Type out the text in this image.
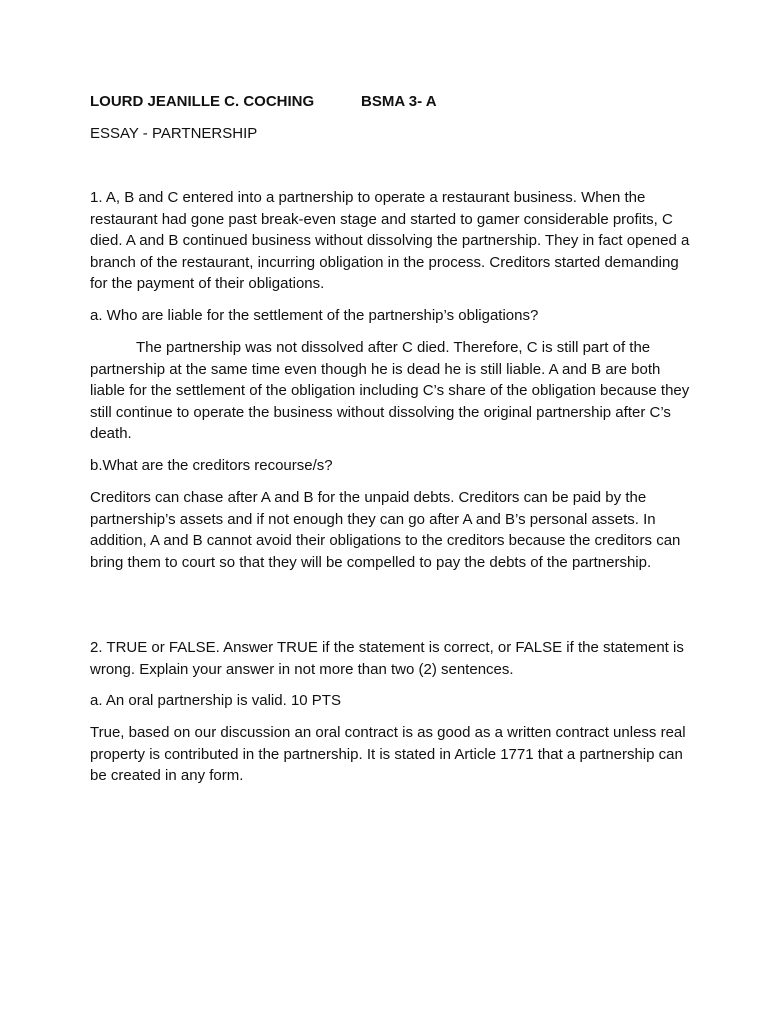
LOURD JEANILLE C. COCHING	BSMA 3- A

ESSAY - PARTNERSHIP

1. A, B and C entered into a partnership to operate a restaurant business. When the restaurant had gone past break-even stage and started to gamer considerable profits, C died. A and B continued business without dissolving the partnership. They in fact opened a branch of the restaurant, incurring obligation in the process. Creditors started demanding for the payment of their obligations.

a. Who are liable for the settlement of the partnership’s obligations?

The partnership was not dissolved after C died. Therefore, C is still part of the partnership at the same time even though he is dead he is still liable. A and B are both liable for the settlement of the obligation including C’s share of the obligation because they still continue to operate the business without dissolving the original partnership after C’s death.

b.What are the creditors recourse/s?

Creditors can chase after A and B for the unpaid debts. Creditors can be paid by the partnership’s assets and if not enough they can go after A and B’s personal assets. In addition, A and B cannot avoid their obligations to the creditors because the creditors can bring them to court so that they will be compelled to pay the debts of the partnership.

2. TRUE or FALSE. Answer TRUE if the statement is correct, or FALSE if the statement is wrong. Explain your answer in not more than two (2) sentences.

a. An oral partnership is valid. 10 PTS

True, based on our discussion an oral contract is as good as a written contract unless real property is contributed in the partnership. It is stated in Article 1771 that a partnership can be created in any form.
